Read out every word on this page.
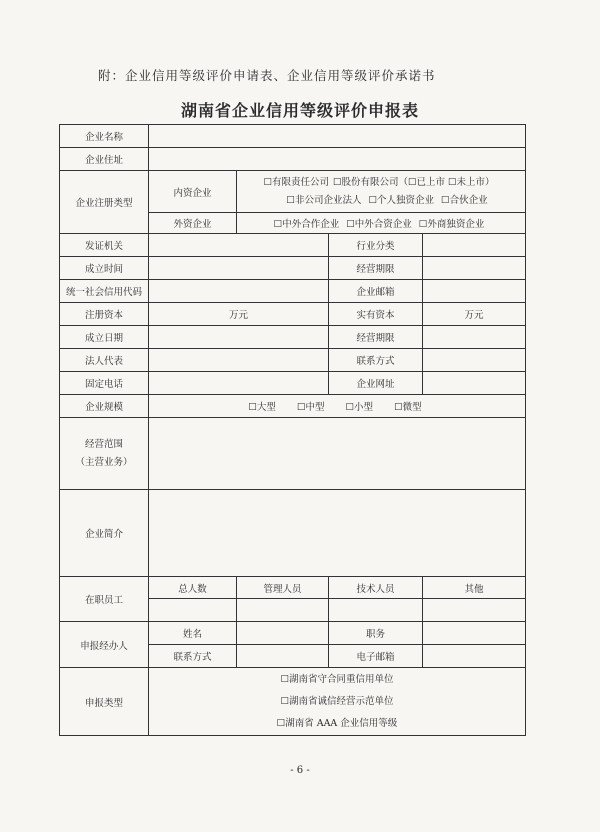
附：企业信用等级评价申请表、企业信用等级评价承诺书
湖南省企业信用等级评价申报表
企业名称				
企业住址				
企业注册类型	内资企业	☐有限责任公司 ☐股份有限公司（☐已上市 ☐未上市）
☐非公司企业法人 ☐个人独资企业 ☐合伙企业		

	外资企业	☐中外合作企业 ☐中外合资企业 ☐外商独资企业		
发证机关			行业分类	
成立时间			经营期限	
统一社会信用代码			企业邮箱	
注册资本	万元		实有资本	万元
成立日期			经营期限	
法人代表			联系方式	
固定电话			企业网址	
企业规模	☐大型 ☐中型 ☐小型 ☐微型			

经营范围
（主营业务）				

企业简介				
在职员工	总人数	管理人员	技术人员	其他

申报经办人	姓名		职务	
	联系方式		电子邮箱	
申报类型	☐湖南省守合同重信用单位
☐湖南省诚信经营示范单位
☐湖南省 AAA 企业信用等级			
- 6 -
